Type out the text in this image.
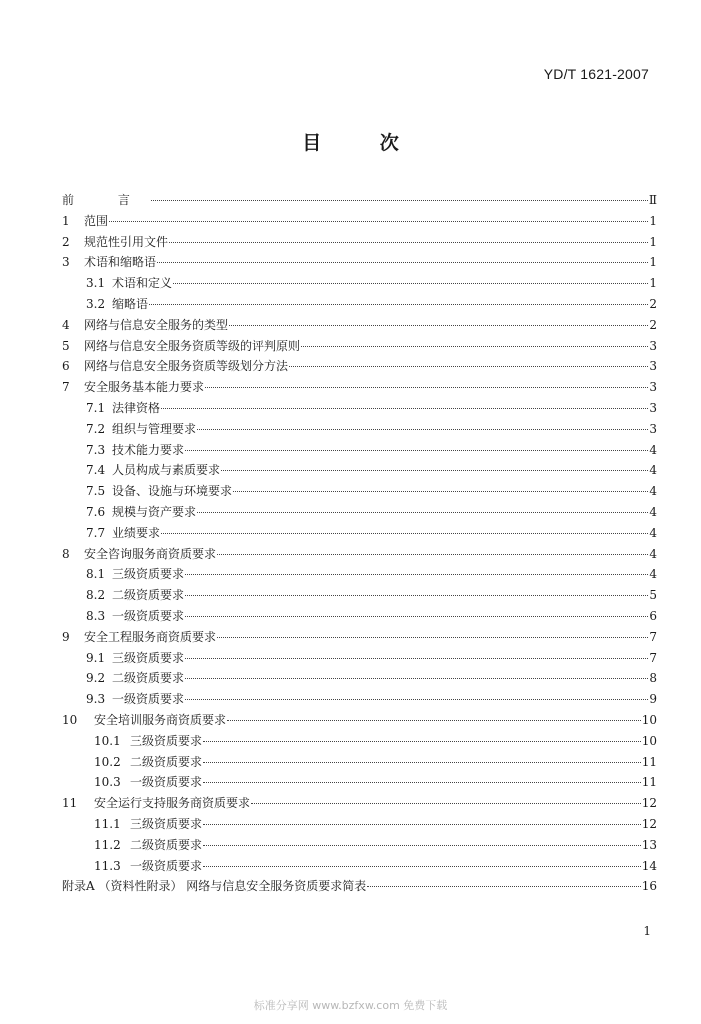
YD/T 1621-2007
目 次
前 言	Ⅱ
1	范围	1
2	规范性引用文件	1
3	术语和缩略语	1
3.1 术语和定义	1
3.2 缩略语	2
4	网络与信息安全服务的类型	2
5	网络与信息安全服务资质等级的评判原则	3
6	网络与信息安全服务资质等级划分方法	3
7	安全服务基本能力要求	3
7.1 法律资格	3
7.2 组织与管理要求	3
7.3 技术能力要求	4
7.4 人员构成与素质要求	4
7.5 设备、设施与环境要求	4
7.6 规模与资产要求	4
7.7 业绩要求	4
8	安全咨询服务商资质要求	4
8.1 三级资质要求	4
8.2 二级资质要求	5
8.3 一级资质要求	6
9	安全工程服务商资质要求	7
9.1 三级资质要求	7
9.2 二级资质要求	8
9.3 一级资质要求	9
10	安全培训服务商资质要求	10
10.1 三级资质要求	10
10.2 二级资质要求	11
10.3 一级资质要求	11
11	安全运行支持服务商资质要求	12
11.1 三级资质要求	12
11.2 二级资质要求	13
11.3 一级资质要求	14
附录A （资料性附录） 网络与信息安全服务资质要求简表	16
1
标准分享网 www.bzfxw.com 免费下载
